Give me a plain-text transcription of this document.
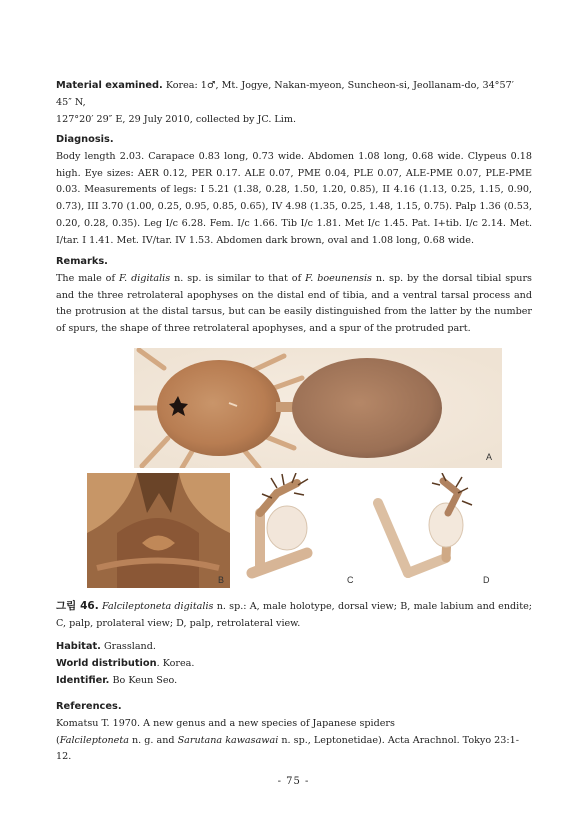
Material examined. Korea: 1♂, Mt. Jogye, Nakan-myeon, Suncheon-si, Jeollanam-do, 34°57′ 45″ N,
127°20′ 29″ E, 29 July 2010, collected by JC. Lim.
Diagnosis.
Body length 2.03. Carapace 0.83 long, 0.73 wide. Abdomen 1.08 long, 0.68 wide. Clypeus 0.18 high. Eye sizes: AER 0.12, PER 0.17. ALE 0.07, PME 0.04, PLE 0.07, ALE-PME 0.07, PLE-PME 0.03. Measurements of legs: I 5.21 (1.38, 0.28, 1.50, 1.20, 0.85), II 4.16 (1.13, 0.25, 1.15, 0.90, 0.73), III 3.70 (1.00, 0.25, 0.95, 0.85, 0.65), IV 4.98 (1.35, 0.25, 1.48, 1.15, 0.75). Palp 1.36 (0.53, 0.20, 0.28, 0.35). Leg I/c 6.28. Fem. I/c 1.66. Tib I/c 1.81. Met I/c 1.45. Pat. I+tib. I/c 2.14. Met. I/tar. I 1.41. Met. IV/tar. IV 1.53. Abdomen dark brown, oval and 1.08 long, 0.68 wide.
Remarks.
The male of F. digitalis n. sp. is similar to that of F. boeunensis n. sp. by the dorsal tibial spurs and the three retrolateral apophyses on the distal end of tibia, and a ventral tarsal process and the protrusion at the distal tarsus, but can be easily distinguished from the latter by the number of spurs, the shape of three retrolateral apophyses, and a spur of the protruded part.
A
B	C	D
그림 46. Falcileptoneta digitalis n. sp.: A, male holotype, dorsal view; B, male labium and endite; C, palp, prolateral view; D, palp, retrolateral view.
Habitat. Grassland.
World distribution. Korea.
Identifier. Bo Keun Seo.
References.
Komatsu T. 1970. A new genus and a new species of Japanese spiders
(Falcileptoneta n. g. and Sarutana kawasawai n. sp., Leptonetidae). Acta Arachnol. Tokyo 23:1-12.
- 75 -
